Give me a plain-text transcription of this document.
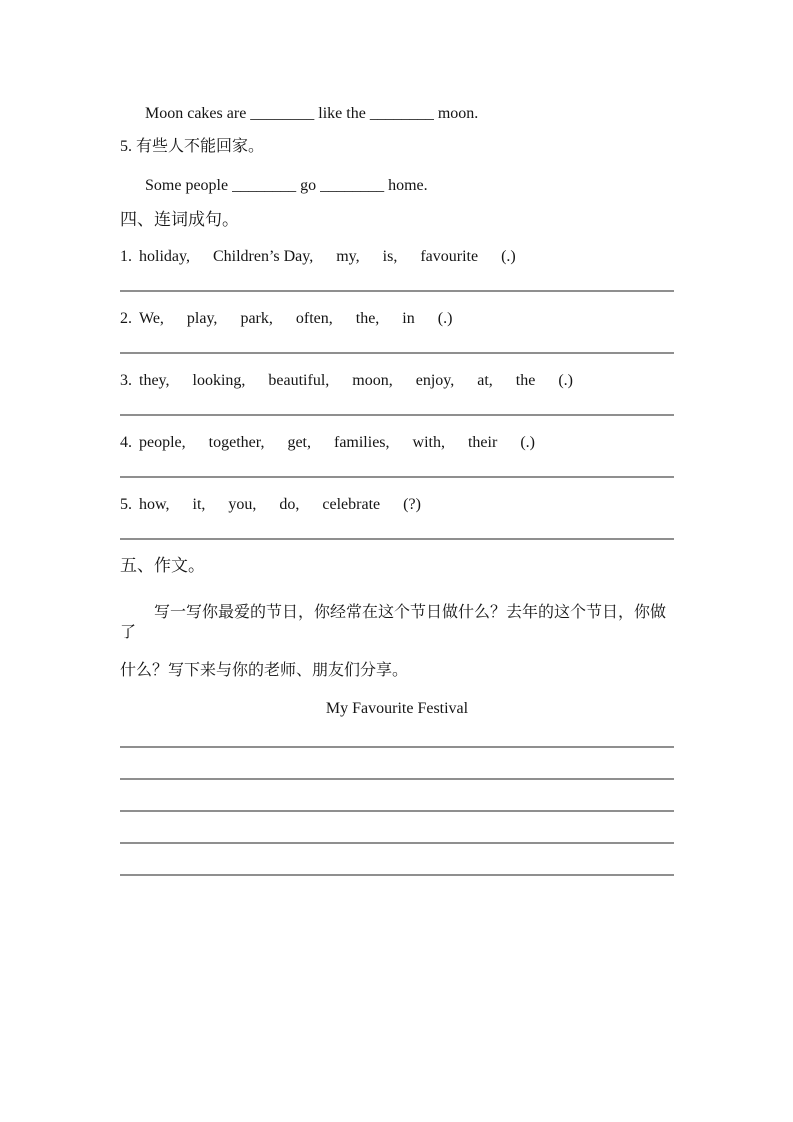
Moon cakes are ________ like the ________ moon.

5. 有些人不能回家。

Some people ________ go ________ home.

四、连词成句。

1. holiday, Children’s Day, my, is, favourite (.)
2. We, play, park, often, the, in (.)
3. they, looking, beautiful, moon, enjoy, at, the (.)
4. people, together, get, families, with, their (.)
5. how, it, you, do, celebrate (?)

五、作文。

写一写你最爱的节日，你经常在这个节日做什么？去年的这个节日，你做了
什么？写下来与你的老师、朋友们分享。

My Favourite Festival
